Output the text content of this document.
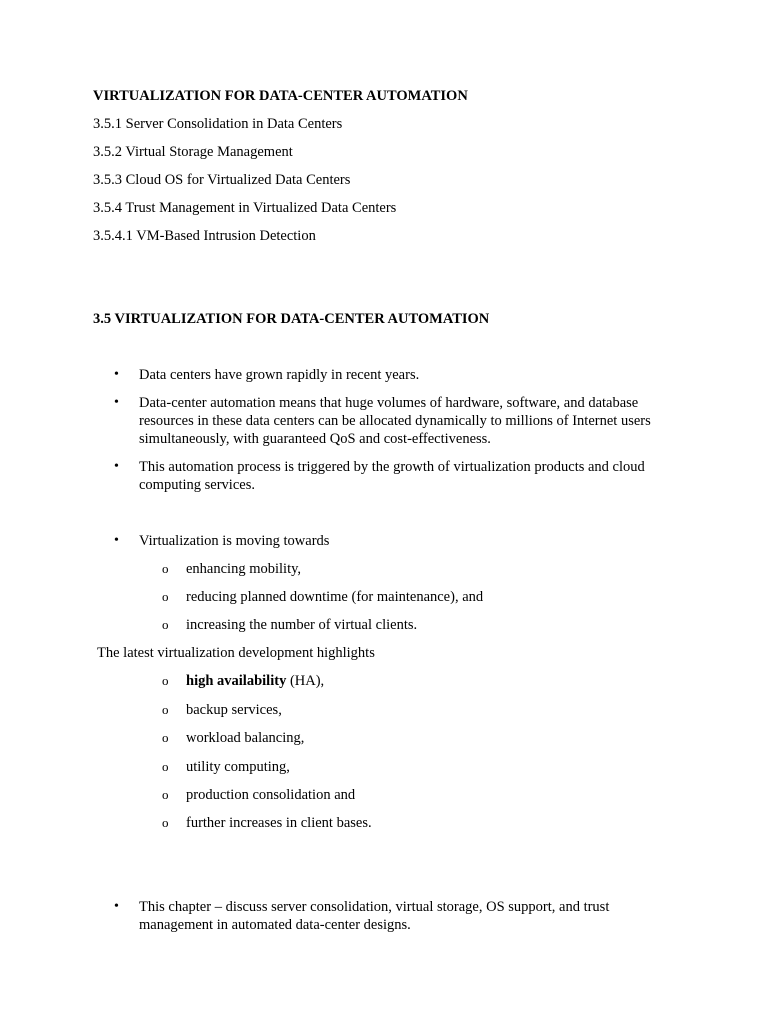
VIRTUALIZATION FOR DATA-CENTER AUTOMATION
3.5.1 Server Consolidation in Data Centers
3.5.2 Virtual Storage Management
3.5.3 Cloud OS for Virtualized Data Centers
3.5.4 Trust Management in Virtualized Data Centers
3.5.4.1 VM-Based Intrusion Detection
3.5 VIRTUALIZATION FOR DATA-CENTER AUTOMATION
• Data centers have grown rapidly in recent years.
• Data-center automation means that huge volumes of hardware, software, and database resources in these data centers can be allocated dynamically to millions of Internet users simultaneously, with guaranteed QoS and cost-effectiveness.
• This automation process is triggered by the growth of virtualization products and cloud computing services.
• Virtualization is moving towards
o enhancing mobility,
o reducing planned downtime (for maintenance), and
o increasing the number of virtual clients.
The latest virtualization development highlights
o high availability (HA),
o backup services,
o workload balancing,
o utility computing,
o production consolidation and
o further increases in client bases.
• This chapter – discuss server consolidation, virtual storage, OS support, and trust management in automated data-center designs.
